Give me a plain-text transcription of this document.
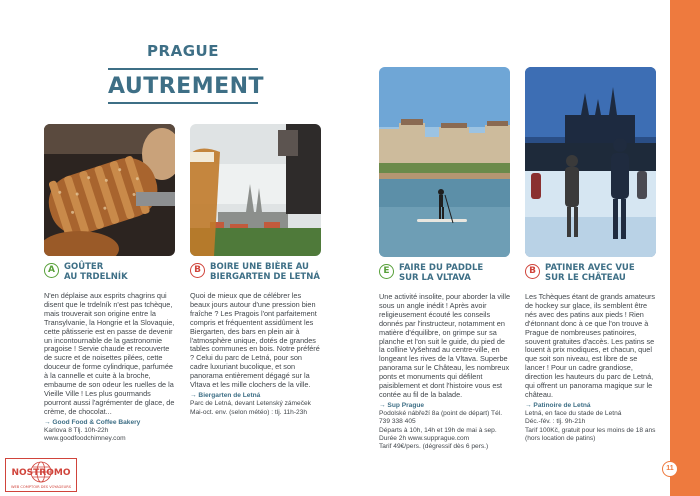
PRAGUE
AUTREMENT
A	GOÛTER
AU TRDELNÍK

N'en déplaise aux esprits chagrins qui disent que le trdelník n'est pas tchèque, mais trouverait son origine entre la Transylvanie, la Hongrie et la Slovaquie, cette pâtisserie est en passe de devenir un incontournable de la gastronomie pragoise ! Servie chaude et recouverte de sucre et de noisettes pilées, cette douceur de forme cylindrique, parfumée à la cannelle et cuite à la broche, embaume de son odeur les ruelles de la Vieille Ville ! Les plus gourmands pourront aussi l'agrémenter de glace, de crème, de chocolat...

→ Good Food & Coffee Bakery
Karlova 8 Tlj. 10h-22h www.goodfoodchimney.com
B	BOIRE UNE BIÈRE AU
BIERGARTEN DE LETNÁ

Quoi de mieux que de célébrer les beaux jours autour d'une pression bien fraîche ? Les Pragois l'ont parfaitement compris et fréquentent assidûment les Biergarten, des bars en plein air à l'atmosphère unique, dotés de grandes tables communes en bois. Notre préféré ? Celui du parc de Letná, pour son cadre luxuriant bucolique, et son panorama entièrement dégagé sur la Vltava et les mille clochers de la ville.

→ Biergarten de Letná
Parc de Letná, devant Letenský zámeček
Mai-oct. env. (selon météo) : tlj. 11h-23h
E	FAIRE DU PADDLE
SUR LA VLTAVA

Une activité insolite, pour aborder la ville sous un angle inédit ! Après avoir religieusement écouté les conseils donnés par l'instructeur, notamment en matière d'équilibre, on grimpe sur sa planche et l'on suit le guide, du pied de la colline Vyšehrad au centre-ville, en longeant les rives de la Vltava. Superbe panorama sur le Château, les nombreux ponts et monuments qui défilent paisiblement et dont l'histoire vous est contée au fil de la balade.

→ Sup Prague
Podolské nábřeží 8a (point de départ) Tél. 739 338 405
Départs à 10h, 14h et 19h de mai à sep.
Durée 2h www.supprague.com
Tarif 49€/pers. (dégressif dès 6 pers.)
B	PATINER AVEC VUE
SUR LE CHÂTEAU

Les Tchèques étant de grands amateurs de hockey sur glace, ils semblent être nés avec des patins aux pieds ! Rien d'étonnant donc à ce que l'on trouve à Prague de nombreuses patinoires, souvent gratuites d'accès. Les patins se louent à prix modiques, et chacun, quel que soit son niveau, est libre de se lancer ! Pour un cadre grandiose, direction les hauteurs du parc de Letná, qui offrent un panorama magique sur le château.

→ Patinoire de Letná
Letná, en face du stade de Letná
Déc.-fév. : tlj. 9h-21h
Tarif 100Kč, gratuit pour les moins de 18 ans (hors location de patins)
11
NOSTROMO
WEB COMPTOIR DES VOYAGEURS
